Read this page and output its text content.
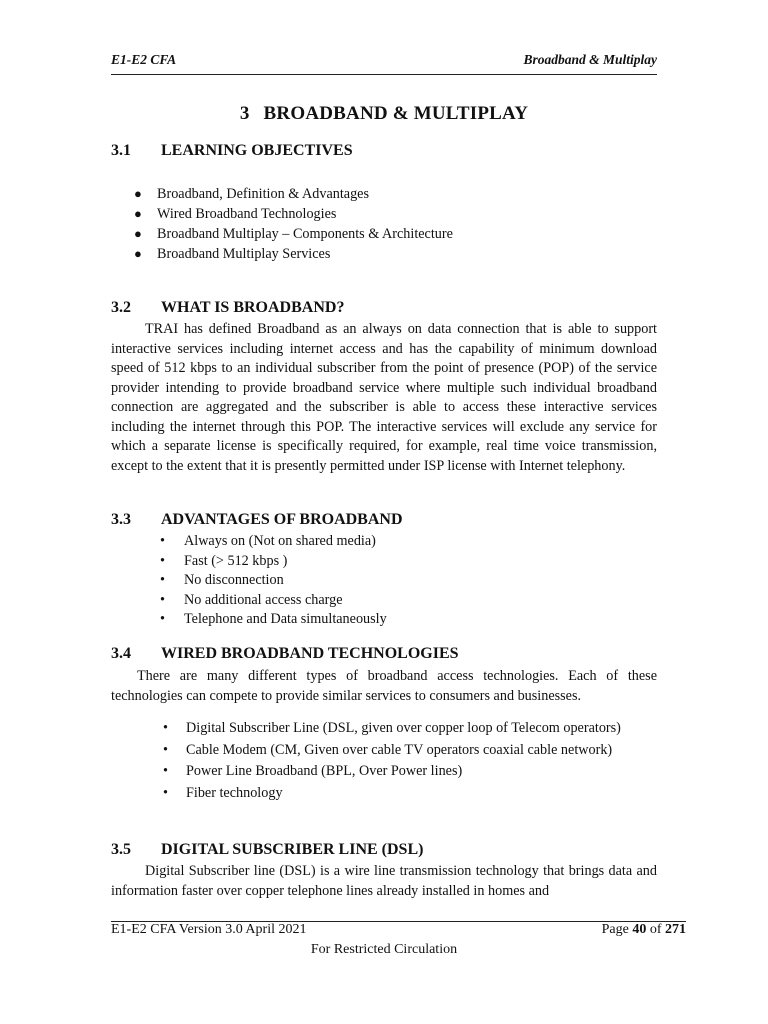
E1-E2 CFA	Broadband & Multiplay
3 BROADBAND & MULTIPLAY
3.1 LEARNING OBJECTIVES
● Broadband, Definition & Advantages
● Wired Broadband Technologies
● Broadband Multiplay – Components & Architecture
● Broadband Multiplay Services
3.2 WHAT IS BROADBAND?

TRAI has defined Broadband as an always on data connection that is able to support interactive services including internet access and has the capability of minimum download speed of 512 kbps to an individual subscriber from the point of presence (POP) of the service provider intending to provide broadband service where multiple such individual broadband connection are aggregated and the subscriber is able to access these interactive services including the internet through this POP. The interactive services will exclude any service for which a separate license is specifically required, for example, real time voice transmission, except to the extent that it is presently permitted under ISP license with Internet telephony.

3.3 ADVANTAGES OF BROADBAND
• Always on (Not on shared media)
• Fast (> 512 kbps )
• No disconnection
• No additional access charge
• Telephone and Data simultaneously
3.4 WIRED BROADBAND TECHNOLOGIES

There are many different types of broadband access technologies. Each of these technologies can compete to provide similar services to consumers and businesses.

• Digital Subscriber Line (DSL, given over copper loop of Telecom operators)
• Cable Modem (CM, Given over cable TV operators coaxial cable network)
• Power Line Broadband (BPL, Over Power lines)
• Fiber technology
3.5 DIGITAL SUBSCRIBER LINE (DSL)

Digital Subscriber line (DSL) is a wire line transmission technology that brings data and information faster over copper telephone lines already installed in homes and

E1-E2 CFA Version 3.0 April 2021	Page 40 of 271
For Restricted Circulation
